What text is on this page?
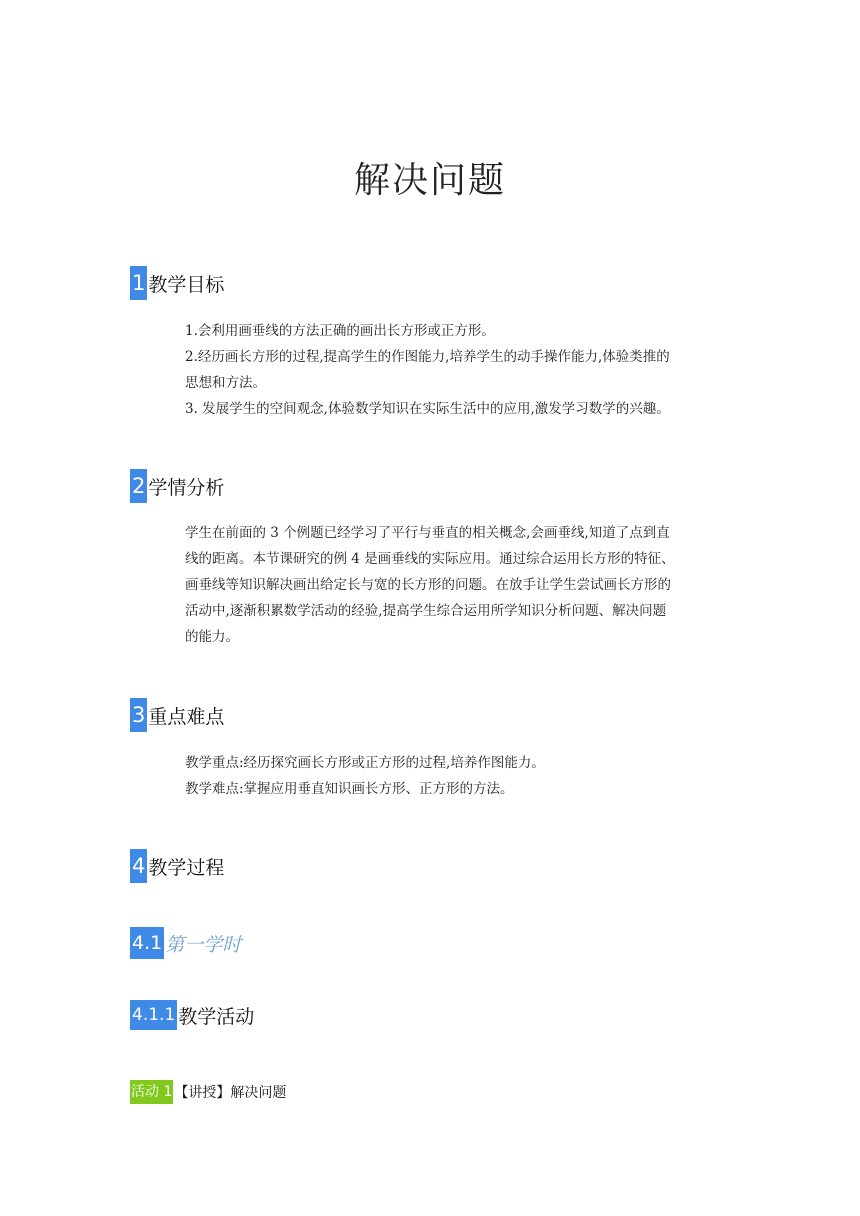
解决问题
1 教学目标

1.会利用画垂线的方法正确的画出长方形或正方形。

2.经历画长方形的过程,提高学生的作图能力,培养学生的动手操作能力,体验类推的

思想和方法。

3. 发展学生的空间观念,体验数学知识在实际生活中的应用,激发学习数学的兴趣。

2 学情分析

学生在前面的 3 个例题已经学习了平行与垂直的相关概念,会画垂线,知道了点到直

线的距离。本节课研究的例 4 是画垂线的实际应用。通过综合运用长方形的特征、

画垂线等知识解决画出给定长与宽的长方形的问题。在放手让学生尝试画长方形的

活动中,逐渐积累数学活动的经验,提高学生综合运用所学知识分析问题、解决问题

的能力。

3 重点难点

教学重点:经历探究画长方形或正方形的过程,培养作图能力。

教学难点:掌握应用垂直知识画长方形、正方形的方法。

4 教学过程
4.1 第一学时
4.1.1 教学活动
活动 1 【讲授】解决问题
